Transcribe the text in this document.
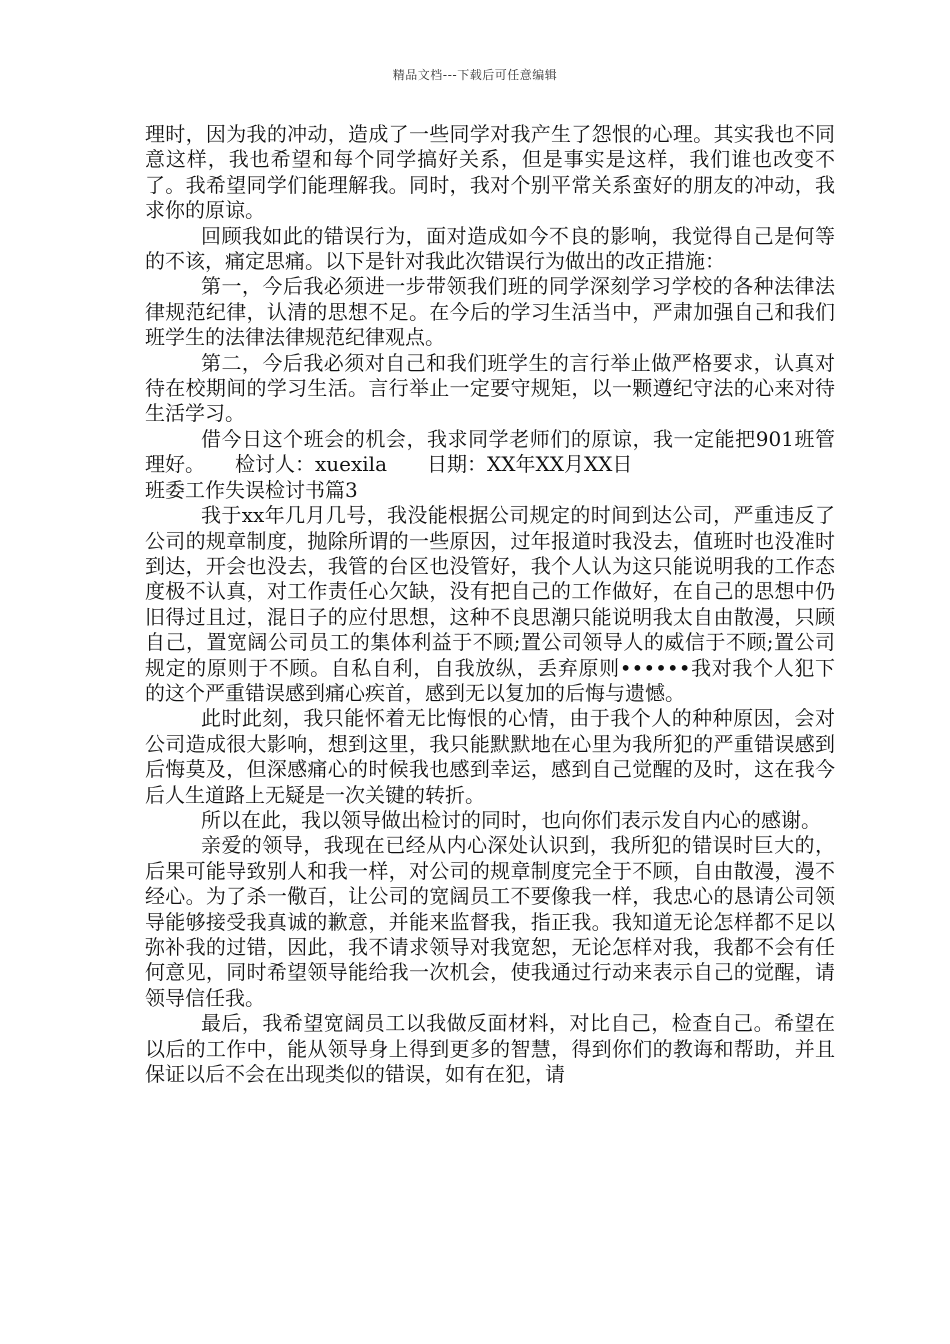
精品文档---下载后可任意编辑

理时，因为我的冲动，造成了一些同学对我产生了怨恨的心理。其实我也不同意这样，我也希望和每个同学搞好关系，但是事实是这样，我们谁也改变不了。我希望同学们能理解我。同时，我对个别平常关系蛮好的朋友的冲动，我求你的原谅。

回顾我如此的错误行为，面对造成如今不良的影响，我觉得自己是何等的不该，痛定思痛。以下是针对我此次错误行为做出的改正措施：

第一，今后我必须进一步带领我们班的同学深刻学习学校的各种法律法律规范纪律，认清的思想不足。在今后的学习生活当中，严肃加强自己和我们班学生的法律法律规范纪律观点。

第二，今后我必须对自己和我们班学生的言行举止做严格要求，认真对待在校期间的学习生活。言行举止一定要守规矩，以一颗遵纪守法的心来对待生活学习。

借今日这个班会的机会，我求同学老师们的原谅，我一定能把901班管理好。　　检讨人：xuexila　　日期：XX年XX月XX日

班委工作失误检讨书篇3

我于xx年几月几号，我没能根据公司规定的时间到达公司，严重违反了公司的规章制度，抛除所谓的一些原因，过年报道时我没去，值班时也没准时到达，开会也没去，我管的台区也没管好，我个人认为这只能说明我的工作态度极不认真，对工作责任心欠缺，没有把自己的工作做好，在自己的思想中仍旧得过且过，混日子的应付思想，这种不良思潮只能说明我太自由散漫，只顾自己，置宽阔公司员工的集体利益于不顾;置公司领导人的威信于不顾;置公司规定的原则于不顾。自私自利，自我放纵，丢弃原则••••••我对我个人犯下的这个严重错误感到痛心疾首，感到无以复加的后悔与遗憾。

此时此刻，我只能怀着无比悔恨的心情，由于我个人的种种原因，会对公司造成很大影响，想到这里，我只能默默地在心里为我所犯的严重错误感到后悔莫及，但深感痛心的时候我也感到幸运，感到自己觉醒的及时，这在我今后人生道路上无疑是一次关键的转折。

所以在此，我以领导做出检讨的同时，也向你们表示发自内心的感谢。

亲爱的领导，我现在已经从内心深处认识到，我所犯的错误时巨大的，后果可能导致别人和我一样，对公司的规章制度完全于不顾，自由散漫，漫不经心。为了杀一儆百，让公司的宽阔员工不要像我一样，我忠心的恳请公司领导能够接受我真诚的歉意，并能来监督我，指正我。我知道无论怎样都不足以弥补我的过错，因此，我不请求领导对我宽恕，无论怎样对我，我都不会有任何意见，同时希望领导能给我一次机会，使我通过行动来表示自己的觉醒，请领导信任我。

最后，我希望宽阔员工以我做反面材料，对比自己，检查自己。希望在以后的工作中，能从领导身上得到更多的智慧，得到你们的教诲和帮助，并且保证以后不会在出现类似的错误，如有在犯，请
